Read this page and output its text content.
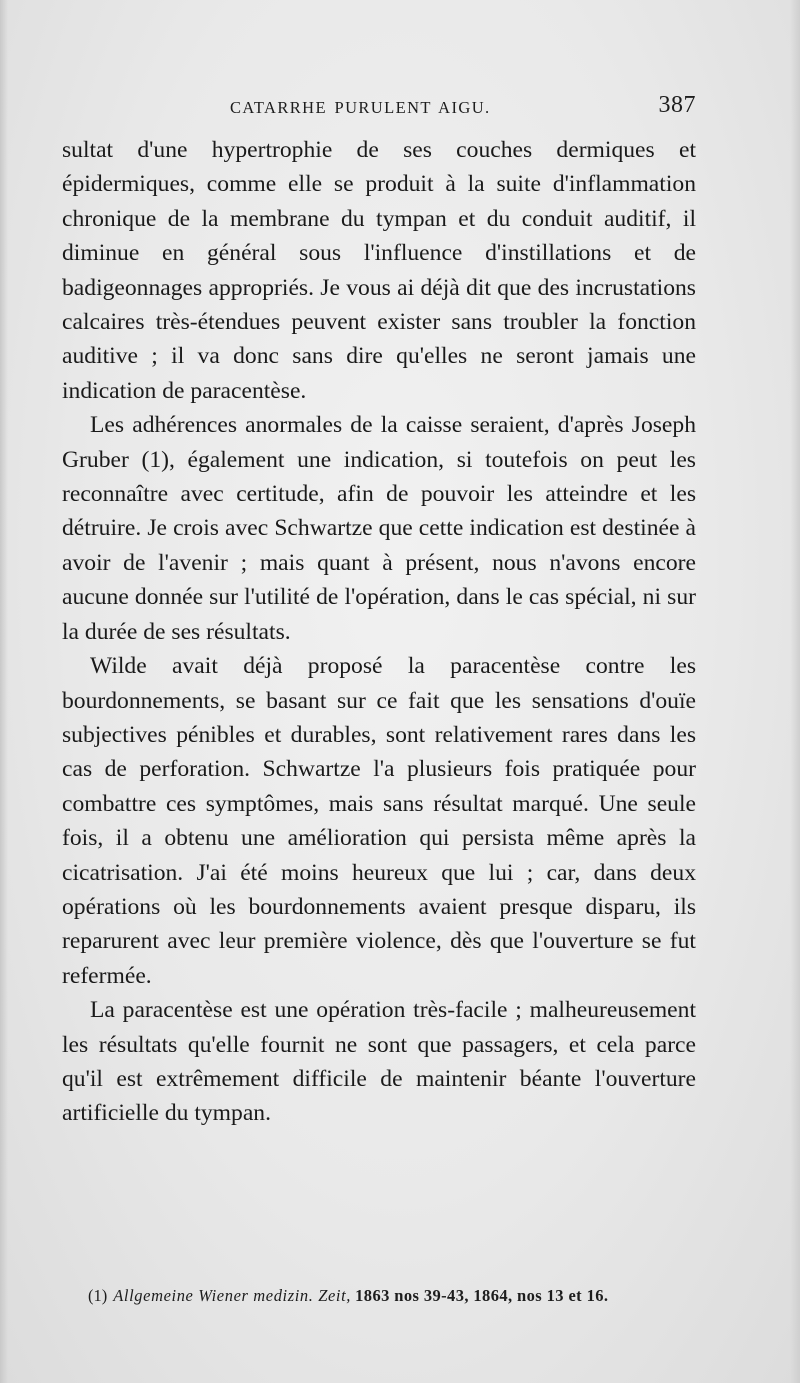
CATARRHE PURULENT AIGU.	387

sultat d'une hypertrophie de ses couches dermiques et épidermiques, comme elle se produit à la suite d'inflammation chronique de la membrane du tympan et du conduit auditif, il diminue en général sous l'influence d'instillations et de badigeonnages appropriés. Je vous ai déjà dit que des incrustations calcaires très-étendues peuvent exister sans troubler la fonction auditive ; il va donc sans dire qu'elles ne seront jamais une indication de paracentèse.

Les adhérences anormales de la caisse seraient, d'après Joseph Gruber (1), également une indication, si toutefois on peut les reconnaître avec certitude, afin de pouvoir les atteindre et les détruire. Je crois avec Schwartze que cette indication est destinée à avoir de l'avenir ; mais quant à présent, nous n'avons encore aucune donnée sur l'utilité de l'opération, dans le cas spécial, ni sur la durée de ses résultats.

Wilde avait déjà proposé la paracentèse contre les bourdonnements, se basant sur ce fait que les sensations d'ouïe subjectives pénibles et durables, sont relativement rares dans les cas de perforation. Schwartze l'a plusieurs fois pratiquée pour combattre ces symptômes, mais sans résultat marqué. Une seule fois, il a obtenu une amélioration qui persista même après la cicatrisation. J'ai été moins heureux que lui ; car, dans deux opérations où les bourdonnements avaient presque disparu, ils reparurent avec leur première violence, dès que l'ouverture se fut refermée.

La paracentèse est une opération très-facile ; malheureusement les résultats qu'elle fournit ne sont que passagers, et cela parce qu'il est extrêmement difficile de maintenir béante l'ouverture artificielle du tympan.

(1) Allgemeine Wiener medizin. Zeit, 1863 nos 39-43, 1864, nos 13 et 16.
